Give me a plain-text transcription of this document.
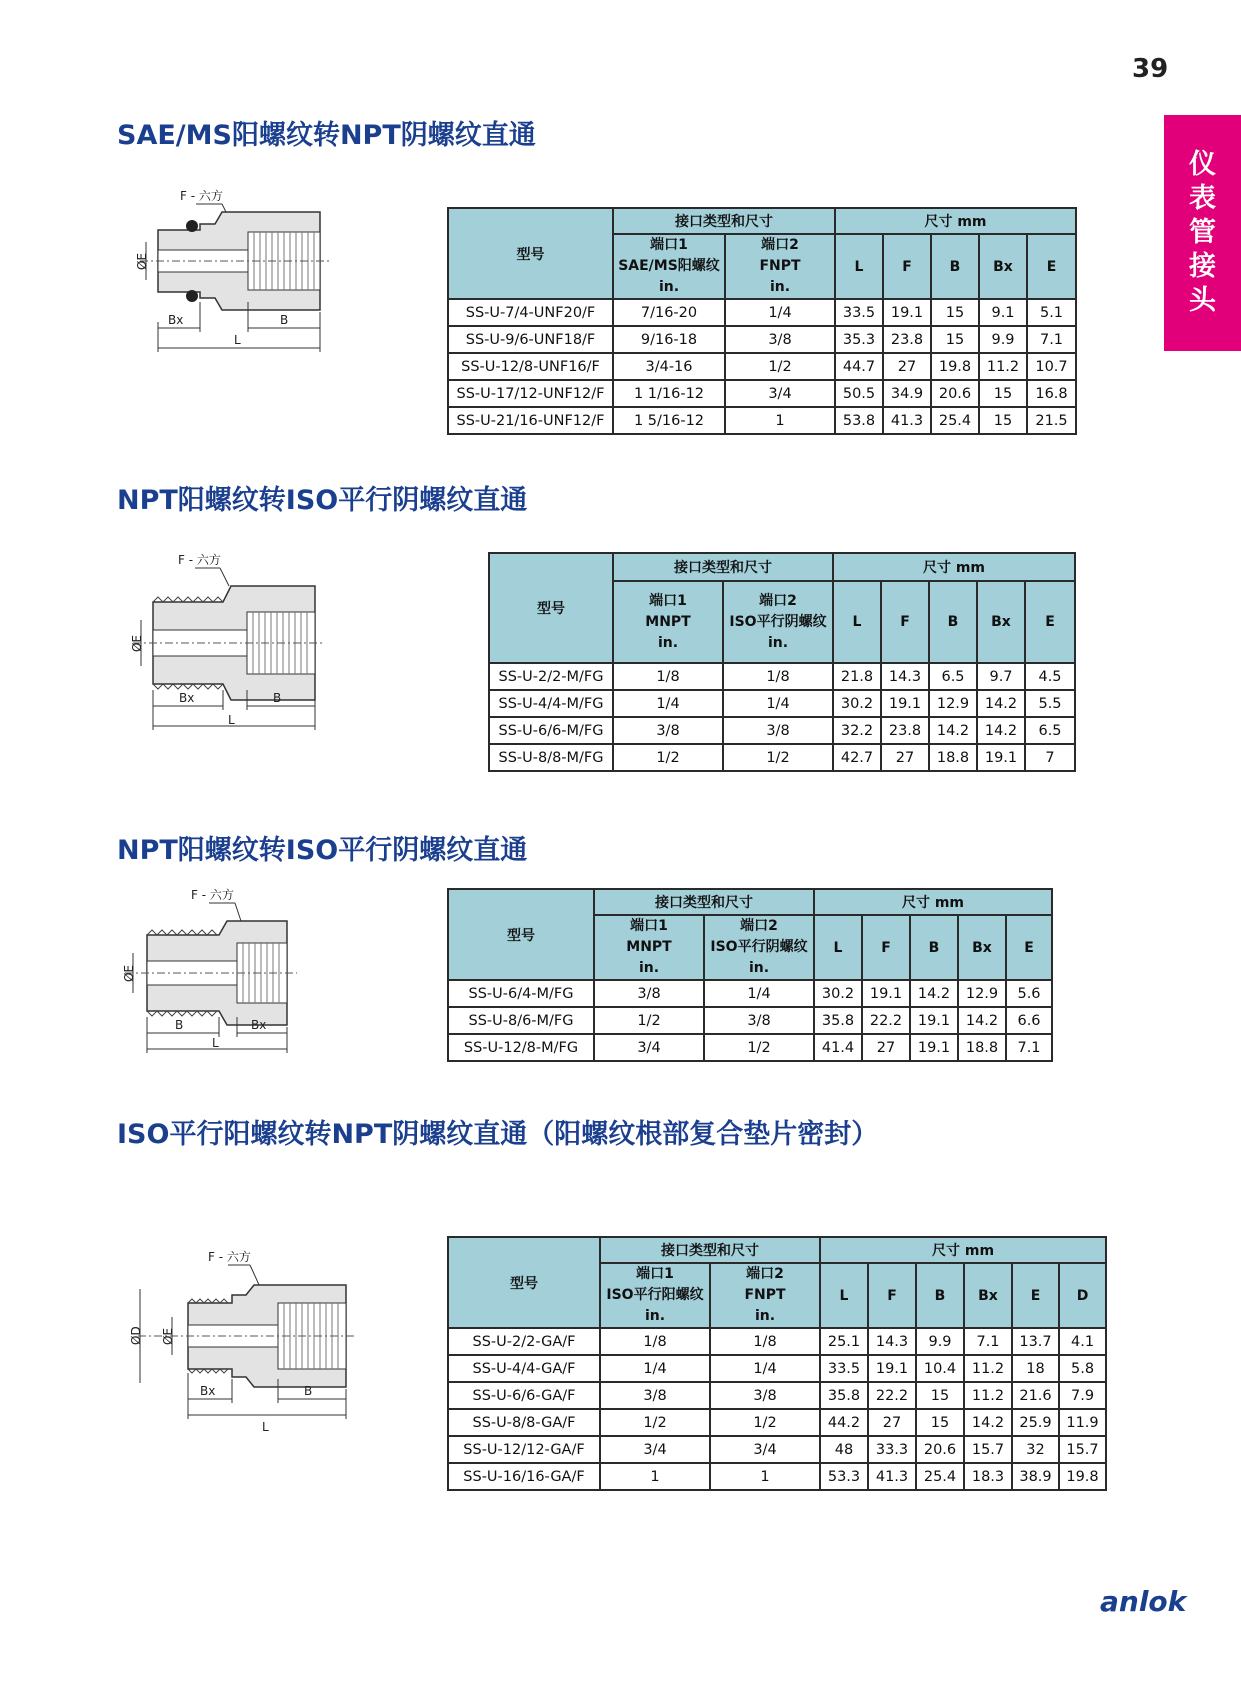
39
仪
表
管
接
头
SAE/MS阳螺纹转NPT阴螺纹直通
F - 六方
ØE
Bx	B
L
型号	接口类型和尺寸		尺寸 mm				
	端口1
SAE/MS阳螺纹
in.	端口2
FNPT
in.	L	F	B	Bx	E
SS-U-7/4-UNF20/F	7/16-20	1/4	33.5	19.1	15	9.1	5.1
SS-U-9/6-UNF18/F	9/16-18	3/8	35.3	23.8	15	9.9	7.1
SS-U-12/8-UNF16/F	3/4-16	1/2	44.7	27	19.8	11.2	10.7
SS-U-17/12-UNF12/F	1 1/16-12	3/4	50.5	34.9	20.6	15	16.8
SS-U-21/16-UNF12/F	1 5/16-12	1	53.8	41.3	25.4	15	21.5
NPT阳螺纹转ISO平行阴螺纹直通
F - 六方
ØE
Bx	B
L
型号	接口类型和尺寸		尺寸 mm				
	端口1
MNPT
in.	端口2
ISO平行阴螺纹
in.	L	F	B	Bx	E
SS-U-2/2-M/FG	1/8	1/8	21.8	14.3	6.5	9.7	4.5
SS-U-4/4-M/FG	1/4	1/4	30.2	19.1	12.9	14.2	5.5
SS-U-6/6-M/FG	3/8	3/8	32.2	23.8	14.2	14.2	6.5
SS-U-8/8-M/FG	1/2	1/2	42.7	27	18.8	19.1	7
NPT阳螺纹转ISO平行阴螺纹直通
F - 六方
ØE
B	Bx
L
型号	接口类型和尺寸		尺寸 mm				
	端口1
MNPT
in.	端口2
ISO平行阴螺纹
in.	L	F	B	Bx	E
SS-U-6/4-M/FG	3/8	1/4	30.2	19.1	14.2	12.9	5.6
SS-U-8/6-M/FG	1/2	3/8	35.8	22.2	19.1	14.2	6.6
SS-U-12/8-M/FG	3/4	1/2	41.4	27	19.1	18.8	7.1
ISO平行阳螺纹转NPT阴螺纹直通（阳螺纹根部复合垫片密封）
F - 六方
ØD ØE
Bx	B
L
型号	接口类型和尺寸		尺寸 mm					
	端口1
ISO平行阳螺纹
in.	端口2
FNPT
in.	L	F	B	Bx	E	D
SS-U-2/2-GA/F	1/8	1/8	25.1	14.3	9.9	7.1	13.7	4.1
SS-U-4/4-GA/F	1/4	1/4	33.5	19.1	10.4	11.2	18	5.8
SS-U-6/6-GA/F	3/8	3/8	35.8	22.2	15	11.2	21.6	7.9
SS-U-8/8-GA/F	1/2	1/2	44.2	27	15	14.2	25.9	11.9
SS-U-12/12-GA/F	3/4	3/4	48	33.3	20.6	15.7	32	15.7
SS-U-16/16-GA/F	1	1	53.3	41.3	25.4	18.3	38.9	19.8
anlok
